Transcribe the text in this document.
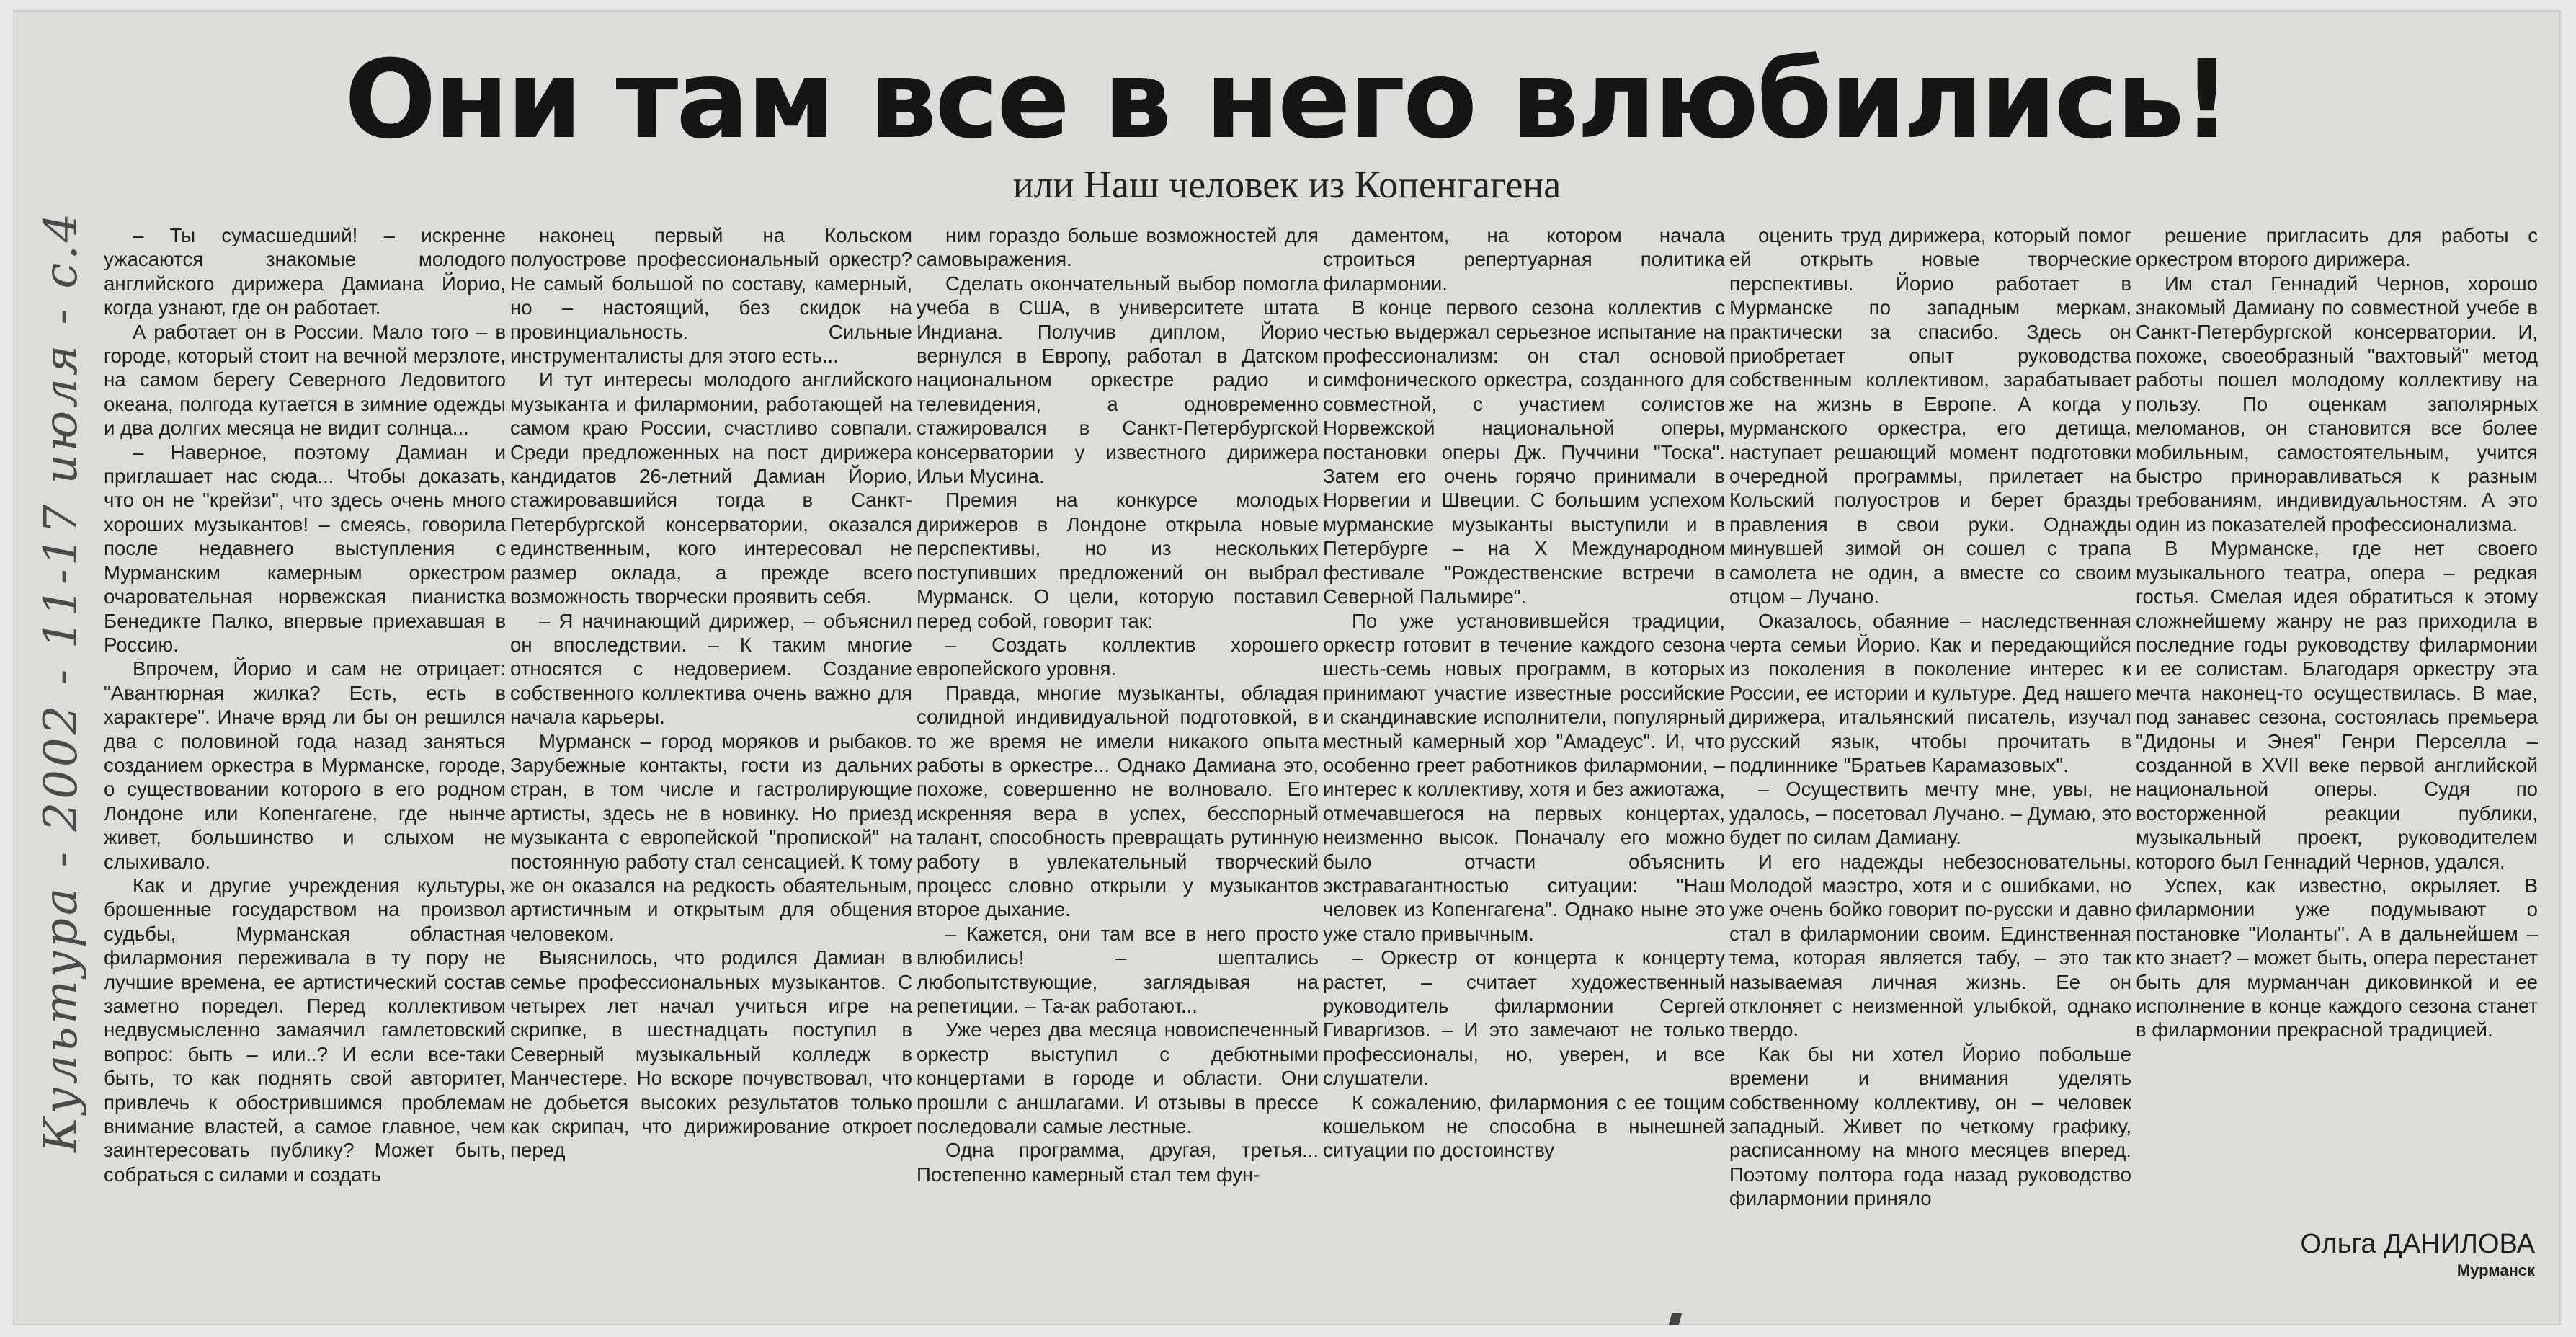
Они там все в него влюбились!
или Наш человек из Копенгагена
Культура - 2002 - 11-17 июля - с.4	– Ты сумасшедший! – искренне ужасаются знакомые молодого английского дирижера Дамиана Йорио, когда узнают, где он работает.

А работает он в России. Мало того – в городе, который стоит на вечной мерзлоте, на самом берегу Северного Ледовитого океана, полгода кутается в зимние одежды и два долгих месяца не видит солнца...

– Наверное, поэтому Дамиан и приглашает нас сюда... Чтобы доказать, что он не "крейзи", что здесь очень много хороших музыкантов! – смеясь, говорила после недавнего выступления с Мурманским камерным оркестром очаровательная норвежская пианистка Бенедикте Палко, впервые приехавшая в Россию.

Впрочем, Йорио и сам не отрицает: "Авантюрная жилка? Есть, есть в характере". Иначе вряд ли бы он решился два с половиной года назад заняться созданием оркестра в Мурманске, городе, о существовании которого в его родном Лондоне или Копенгагене, где нынче живет, большинство и слыхом не слыхивало.

Как и другие учреждения культуры, брошенные государством на произвол судьбы, Мурманская областная филармония переживала в ту пору не лучшие времена, ее артистический состав заметно поредел. Перед коллективом недвусмысленно замаячил гамлетовский вопрос: быть – или..? И если все-таки быть, то как поднять свой авторитет, привлечь к обострившимся проблемам внимание властей, а самое главное, чем заинтересовать публику? Может быть, собраться с силами и создать

наконец первый на Кольском полуострове профессиональный оркестр? Не самый большой по составу, камерный, но – настоящий, без скидок на провинциальность. Сильные инструменталисты для этого есть...

И тут интересы молодого английского музыканта и филармонии, работающей на самом краю России, счастливо совпали. Среди предложенных на пост дирижера кандидатов 26-летний Дамиан Йорио, стажировавшийся тогда в Санкт-Петербургской консерватории, оказался единственным, кого интересовал не размер оклада, а прежде всего возможность творчески проявить себя.

– Я начинающий дирижер, – объяснил он впоследствии. – К таким многие относятся с недоверием. Создание собственного коллектива очень важно для начала карьеры.

Мурманск – город моряков и рыбаков. Зарубежные контакты, гости из дальних стран, в том числе и гастролирующие артисты, здесь не в новинку. Но приезд музыканта с европейской "пропиской" на постоянную работу стал сенсацией. К тому же он оказался на редкость обаятельным, артистичным и открытым для общения человеком.

Выяснилось, что родился Дамиан в семье профессиональных музыкантов. С четырех лет начал учиться игре на скрипке, в шестнадцать поступил в Северный музыкальный колледж в Манчестере. Но вскоре почувствовал, что не добьется высоких результатов только как скрипач, что дирижирование откроет перед

ним гораздо больше возможностей для самовыражения.

Сделать окончательный выбор помогла учеба в США, в университете штата Индиана. Получив диплом, Йорио вернулся в Европу, работал в Датском национальном оркестре радио и телевидения, а одновременно стажировался в Санкт-Петербургской консерватории у известного дирижера Ильи Мусина.

Премия на конкурсе молодых дирижеров в Лондоне открыла новые перспективы, но из нескольких поступивших предложений он выбрал Мурманск. О цели, которую поставил перед собой, говорит так:

– Создать коллектив хорошего европейского уровня.

Правда, многие музыканты, обладая солидной индивидуальной подготовкой, в то же время не имели никакого опыта работы в оркестре... Однако Дамиана это, похоже, совершенно не волновало. Его искренняя вера в успех, бесспорный талант, способность превращать рутинную работу в увлекательный творческий процесс словно открыли у музыкантов второе дыхание.

– Кажется, они там все в него просто влюбились! – шептались любопытствующие, заглядывая на репетиции. – Та-ак работают...

Уже через два месяца новоиспеченный оркестр выступил с дебютными концертами в городе и области. Они прошли с аншлагами. И отзывы в прессе последовали самые лестные.

Одна программа, другая, третья... Постепенно камерный стал тем фун-

даментом, на котором начала строиться репертуарная политика филармонии.

В конце первого сезона коллектив с честью выдержал серьезное испытание на профессионализм: он стал основой симфонического оркестра, созданного для совместной, с участием солистов Норвежской национальной оперы, постановки оперы Дж. Пуччини "Тоска". Затем его очень горячо принимали в Норвегии и Швеции. С большим успехом мурманские музыканты выступили и в Петербурге – на X Международном фестивале "Рождественские встречи в Северной Пальмире".

По уже установившейся традиции, оркестр готовит в течение каждого сезона шесть-семь новых программ, в которых принимают участие известные российские и скандинавские исполнители, популярный местный камерный хор "Амадеус". И, что особенно греет работников филармонии, – интерес к коллективу, хотя и без ажиотажа, отмечавшегося на первых концертах, неизменно высок. Поначалу его можно было отчасти объяснить экстравагантностью ситуации: "Наш человек из Копенгагена". Однако ныне это уже стало привычным.

– Оркестр от концерта к концерту растет, – считает художественный руководитель филармонии Сергей Гиваргизов. – И это замечают не только профессионалы, но, уверен, и все слушатели.

К сожалению, филармония с ее тощим кошельком не способна в нынешней ситуации по достоинству

оценить труд дирижера, который помог ей открыть новые творческие перспективы. Йорио работает в Мурманске по западным меркам, практически за спасибо. Здесь он приобретает опыт руководства собственным коллективом, зарабатывает же на жизнь в Европе. А когда у мурманского оркестра, его детища, наступает решающий момент подготовки очередной программы, прилетает на Кольский полуостров и берет бразды правления в свои руки. Однажды минувшей зимой он сошел с трапа самолета не один, а вместе со своим отцом – Лучано.

Оказалось, обаяние – наследственная черта семьи Йорио. Как и передающийся из поколения в поколение интерес к России, ее истории и культуре. Дед нашего дирижера, итальянский писатель, изучал русский язык, чтобы прочитать в подлиннике "Братьев Карамазовых".

– Осуществить мечту мне, увы, не удалось, – посетовал Лучано. – Думаю, это будет по силам Дамиану.

И его надежды небезосновательны. Молодой маэстро, хотя и с ошибками, но уже очень бойко говорит по-русски и давно стал в филармонии своим. Единственная тема, которая является табу, – это так называемая личная жизнь. Ее он отклоняет с неизменной улыбкой, однако твердо.

Как бы ни хотел Йорио побольше времени и внимания уделять собственному коллективу, он – человек западный. Живет по четкому графику, расписанному на много месяцев вперед. Поэтому полтора года назад руководство филармонии приняло

решение пригласить для работы с оркестром второго дирижера.

Им стал Геннадий Чернов, хорошо знакомый Дамиану по совместной учебе в Санкт-Петербургской консерватории. И, похоже, своеобразный "вахтовый" метод работы пошел молодому коллективу на пользу. По оценкам заполярных меломанов, он становится все более мобильным, самостоятельным, учится быстро приноравливаться к разным требованиям, индивидуальностям. А это один из показателей профессионализма.

В Мурманске, где нет своего музыкального театра, опера – редкая гостья. Смелая идея обратиться к этому сложнейшему жанру не раз приходила в последние годы руководству филармонии и ее солистам. Благодаря оркестру эта мечта наконец-то осуществилась. В мае, под занавес сезона, состоялась премьера "Дидоны и Энея" Генри Перселла – созданной в XVII веке первой английской национальной оперы. Судя по восторженной реакции публики, музыкальный проект, руководителем которого был Геннадий Чернов, удался.

Успех, как известно, окрыляет. В филармонии уже подумывают о постановке "Иоланты". А в дальнейшем – кто знает? – может быть, опера перестанет быть для мурманчан диковинкой и ее исполнение в конце каждого сезона станет в филармонии прекрасной традицией.

Ольга ДАНИЛОВА
Мурманск
